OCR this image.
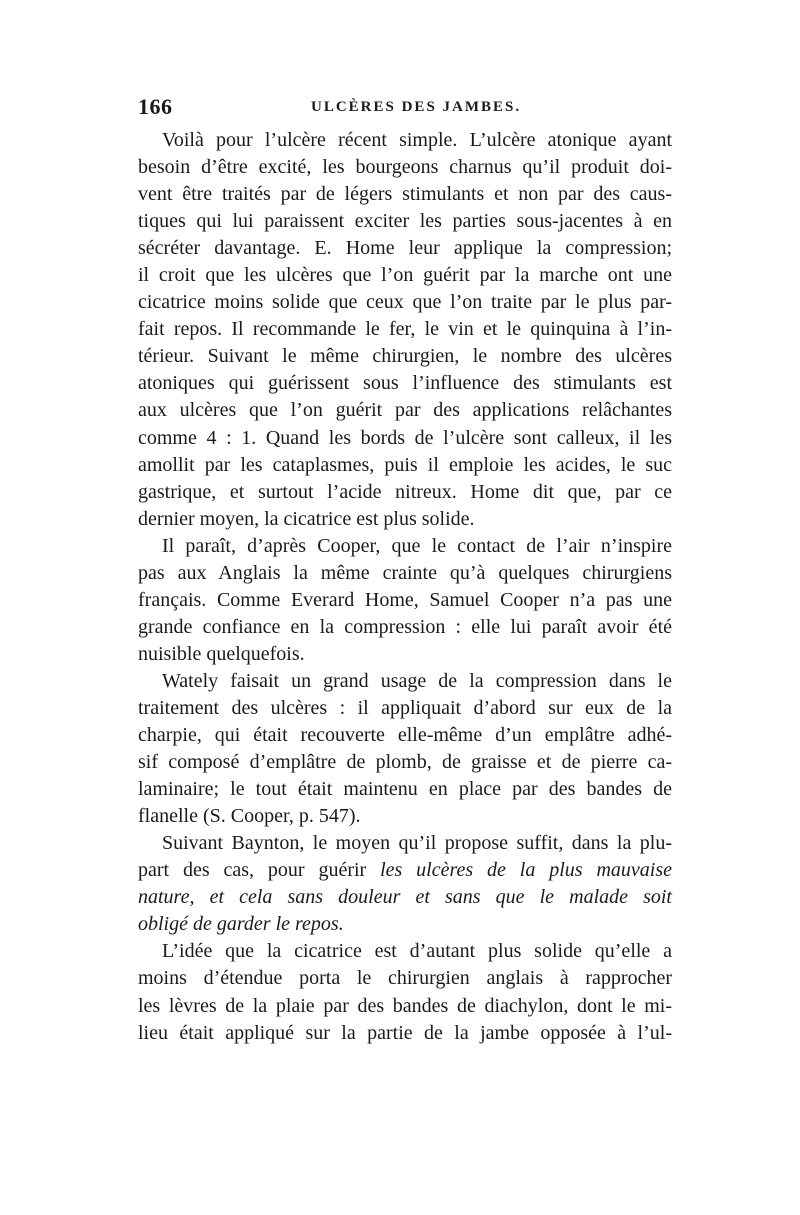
166	ULCÈRES DES JAMBES.
Voilà pour l’ulcère récent simple. L’ulcère atonique ayant
besoin d’être excité, les bourgeons charnus qu’il produit doi-
vent être traités par de légers stimulants et non par des caus-
tiques qui lui paraissent exciter les parties sous-jacentes à en
sécréter davantage. E. Home leur applique la compression;
il croit que les ulcères que l’on guérit par la marche ont une
cicatrice moins solide que ceux que l’on traite par le plus par-
fait repos. Il recommande le fer, le vin et le quinquina à l’in-
térieur. Suivant le même chirurgien, le nombre des ulcères
atoniques qui guérissent sous l’influence des stimulants est
aux ulcères que l’on guérit par des applications relâchantes
comme 4 : 1. Quand les bords de l’ulcère sont calleux, il les
amollit par les cataplasmes, puis il emploie les acides, le suc
gastrique, et surtout l’acide nitreux. Home dit que, par ce
dernier moyen, la cicatrice est plus solide.
Il paraît, d’après Cooper, que le contact de l’air n’inspire
pas aux Anglais la même crainte qu’à quelques chirurgiens
français. Comme Everard Home, Samuel Cooper n’a pas une
grande confiance en la compression : elle lui paraît avoir été
nuisible quelquefois.
Wately faisait un grand usage de la compression dans le
traitement des ulcères : il appliquait d’abord sur eux de la
charpie, qui était recouverte elle-même d’un emplâtre adhé-
sif composé d’emplâtre de plomb, de graisse et de pierre ca-
laminaire; le tout était maintenu en place par des bandes de
flanelle (S. Cooper, p. 547).
Suivant Baynton, le moyen qu’il propose suffit, dans la plu-
part des cas, pour guérir les ulcères de la plus mauvaise
nature, et cela sans douleur et sans que le malade soit
obligé de garder le repos.
L’idée que la cicatrice est d’autant plus solide qu’elle a
moins d’étendue porta le chirurgien anglais à rapprocher
les lèvres de la plaie par des bandes de diachylon, dont le mi-
lieu était appliqué sur la partie de la jambe opposée à l’ul-
